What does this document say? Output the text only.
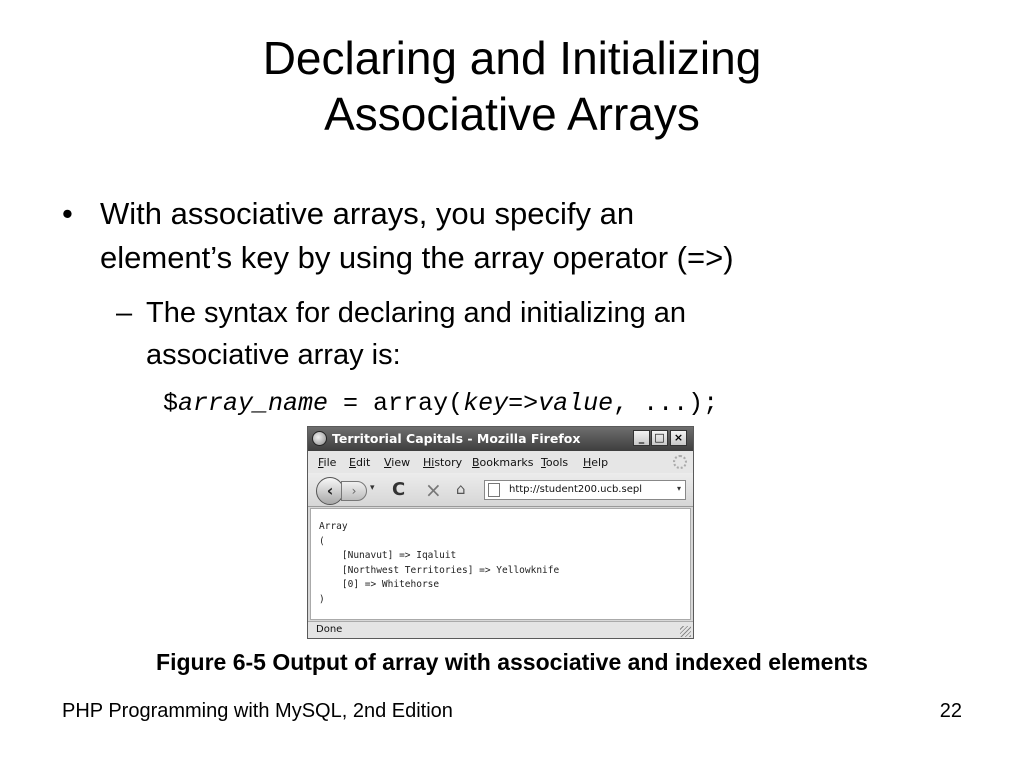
Declaring and Initializing
Associative Arrays
• With associative arrays, you specify an
element’s key by using the array operator (=>)
– The syntax for declaring and initializing an
associative array is:
$array_name = array(key=>value, ...);
Territorial Capitals - Mozilla Firefox	_ □ ×
File Edit View History Bookmarks Tools Help
‹	›	▾ C × ⌂	http://student200.ucb.sepl	▾
Array
(
[Nunavut] => Iqaluit
[Northwest Territories] => Yellowknife
[0] => Whitehorse
)
Done
Figure 6-5 Output of array with associative and indexed elements
PHP Programming with MySQL, 2nd Edition	22
